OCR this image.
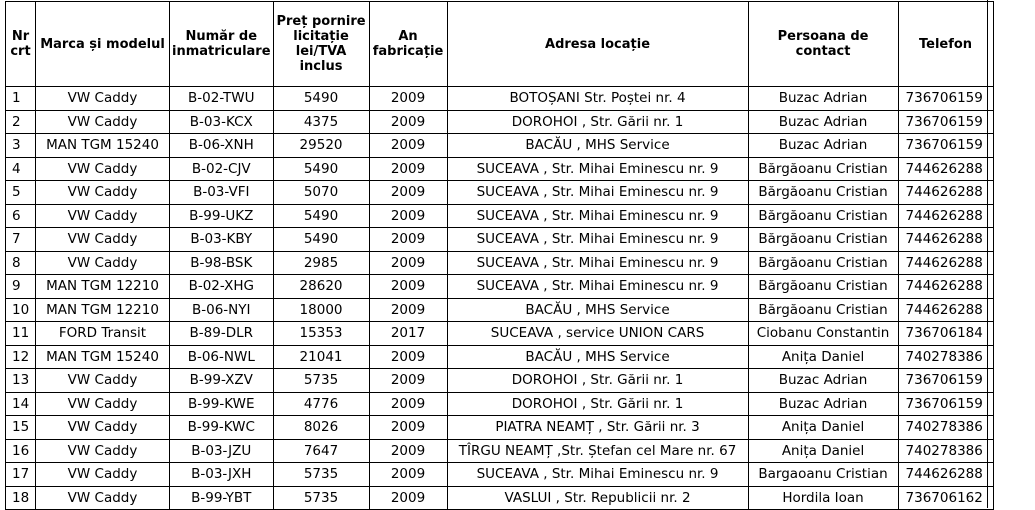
Nr crt	Marca și modelul	Număr de inmatriculare	Preț pornire licitație lei/TVA inclus	An fabricație	Adresa locație	Persoana de contact	Telefon
1	VW Caddy	B-02-TWU	5490	2009	BOTOȘANI Str. Poștei nr. 4	Buzac Adrian	736706159
2	VW Caddy	B-03-KCX	4375	2009	DOROHOI , Str. Gării nr. 1	Buzac Adrian	736706159
3	MAN TGM 15240	B-06-XNH	29520	2009	BACĂU , MHS Service	Buzac Adrian	736706159
4	VW Caddy	B-02-CJV	5490	2009	SUCEAVA , Str. Mihai Eminescu nr. 9	Bărgăoanu Cristian	744626288
5	VW Caddy	B-03-VFI	5070	2009	SUCEAVA , Str. Mihai Eminescu nr. 9	Bărgăoanu Cristian	744626288
6	VW Caddy	B-99-UKZ	5490	2009	SUCEAVA , Str. Mihai Eminescu nr. 9	Bărgăoanu Cristian	744626288
7	VW Caddy	B-03-KBY	5490	2009	SUCEAVA , Str. Mihai Eminescu nr. 9	Bărgăoanu Cristian	744626288
8	VW Caddy	B-98-BSK	2985	2009	SUCEAVA , Str. Mihai Eminescu nr. 9	Bărgăoanu Cristian	744626288
9	MAN TGM 12210	B-02-XHG	28620	2009	SUCEAVA , Str. Mihai Eminescu nr. 9	Bărgăoanu Cristian	744626288
10	MAN TGM 12210	B-06-NYI	18000	2009	BACĂU , MHS Service	Bărgăoanu Cristian	744626288
11	FORD Transit	B-89-DLR	15353	2017	SUCEAVA , service UNION CARS	Ciobanu Constantin	736706184
12	MAN TGM 15240	B-06-NWL	21041	2009	BACĂU , MHS Service	Anița Daniel	740278386
13	VW Caddy	B-99-XZV	5735	2009	DOROHOI , Str. Gării nr. 1	Buzac Adrian	736706159
14	VW Caddy	B-99-KWE	4776	2009	DOROHOI , Str. Gării nr. 1	Buzac Adrian	736706159
15	VW Caddy	B-99-KWC	8026	2009	PIATRA NEAMȚ , Str. Gării nr. 3	Anița Daniel	740278386
16	VW Caddy	B-03-JZU	7647	2009	TÎRGU NEAMȚ ,Str. Ștefan cel Mare nr. 67	Anița Daniel	740278386
17	VW Caddy	B-03-JXH	5735	2009	SUCEAVA , Str. Mihai Eminescu nr. 9	Bargaoanu Cristian	744626288
18	VW Caddy	B-99-YBT	5735	2009	VASLUI , Str. Republicii nr. 2	Hordila Ioan	736706162
